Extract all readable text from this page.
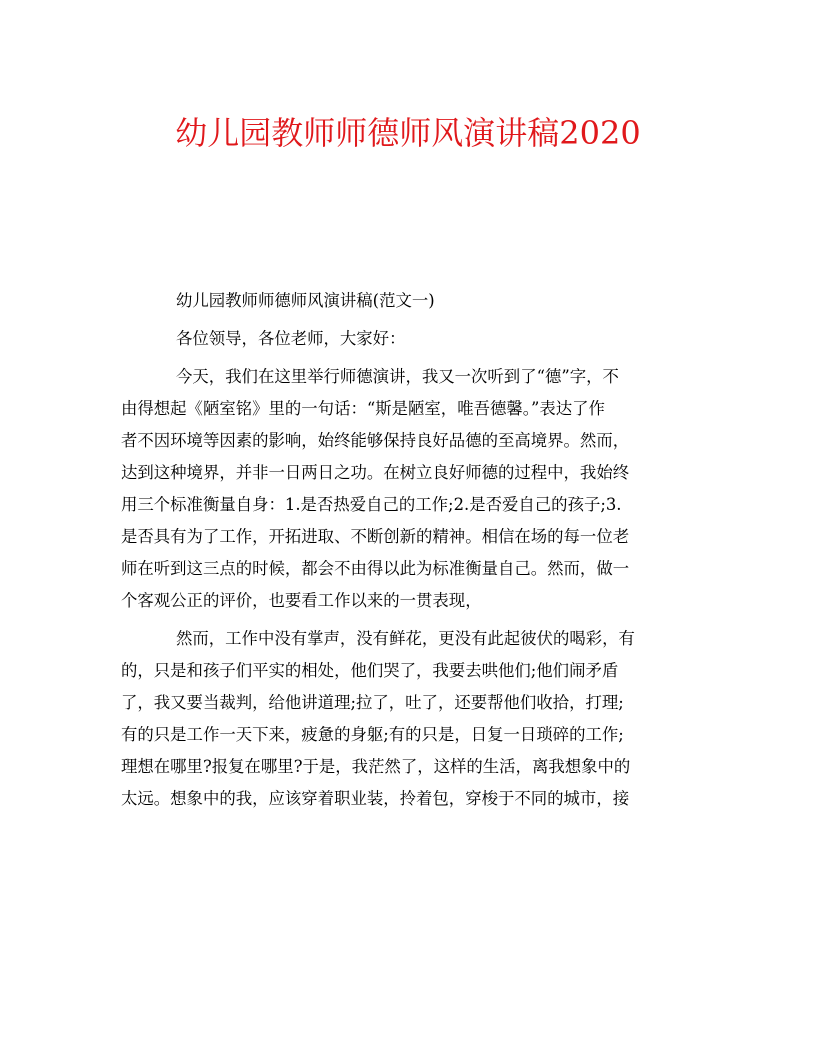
幼儿园教师师德师风演讲稿2020

幼儿园教师师德师风演讲稿(范文一)

各位领导，各位老师，大家好：

今天，我们在这里举行师德演讲，我又一次听到了“德”字，不
由得想起《陋室铭》里的一句话：“斯是陋室，唯吾德馨。”表达了作
者不因环境等因素的影响，始终能够保持良好品德的至高境界。然而，
达到这种境界，并非一日两日之功。在树立良好师德的过程中，我始终
用三个标准衡量自身：1.是否热爱自己的工作;2.是否爱自己的孩子;3.
是否具有为了工作，开拓进取、不断创新的精神。相信在场的每一位老
师在听到这三点的时候，都会不由得以此为标准衡量自己。然而，做一
个客观公正的评价，也要看工作以来的一贯表现，

然而，工作中没有掌声，没有鲜花，更没有此起彼伏的喝彩，有
的，只是和孩子们平实的相处，他们哭了，我要去哄他们;他们闹矛盾
了，我又要当裁判，给他讲道理;拉了，吐了，还要帮他们收拾，打理;
有的只是工作一天下来，疲惫的身躯;有的只是，日复一日琐碎的工作;
理想在哪里?报复在哪里?于是，我茫然了，这样的生活，离我想象中的
太远。想象中的我，应该穿着职业装，拎着包，穿梭于不同的城市，接
